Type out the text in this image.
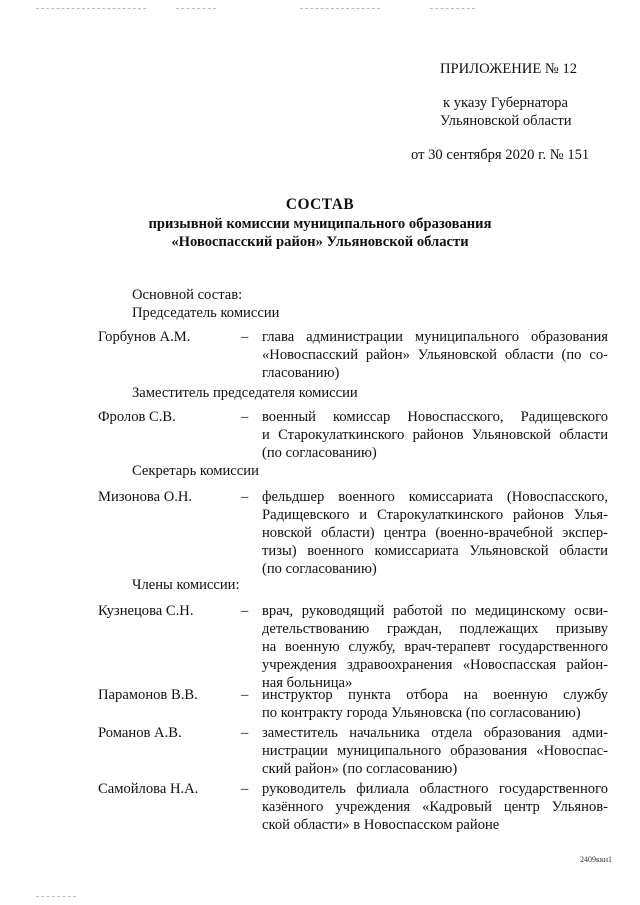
ПРИЛОЖЕНИЕ № 12
к указу Губернатора
Ульяновской области
от 30 сентября 2020 г. № 151
СОСТАВ
призывной комиссии муниципального образования
«Новоспасский район» Ульяновской области
Основной состав:
Председатель комиссии
Горбунов А.М.	– глава администрации муниципального образования
«Новоспасский район» Ульяновской области (по со-
гласованию)
Заместитель председателя комиссии
Фролов С.В.	– военный комиссар Новоспасского, Радищевского
и Старокулаткинского районов Ульяновской области
(по согласованию)
Секретарь комиссии
Мизонова О.Н.	– фельдшер военного комиссариата (Новоспасского,
Радищевского и Старокулаткинского районов Улья-
новской области) центра (военно-врачебной экспер-
тизы) военного комиссариата Ульяновской области
(по согласованию)
Члены комиссии:
Кузнецова С.Н.	– врач, руководящий работой по медицинскому осви-
детельствованию граждан, подлежащих призыву
на военную службу, врач-терапевт государственного
учреждения здравоохранения «Новоспасская район-
ная больница»
Парамонов В.В.	– инструктор пункта отбора на военную службу
по контракту города Ульяновска (по согласованию)
Романов А.В.	– заместитель начальника отдела образования адми-
нистрации муниципального образования «Новоспас-
ский район» (по согласованию)
Самойлова Н.А.	– руководитель филиала областного государственного
казённого учреждения «Кадровый центр Ульянов-
ской области» в Новоспасском районе
2409ккн1
